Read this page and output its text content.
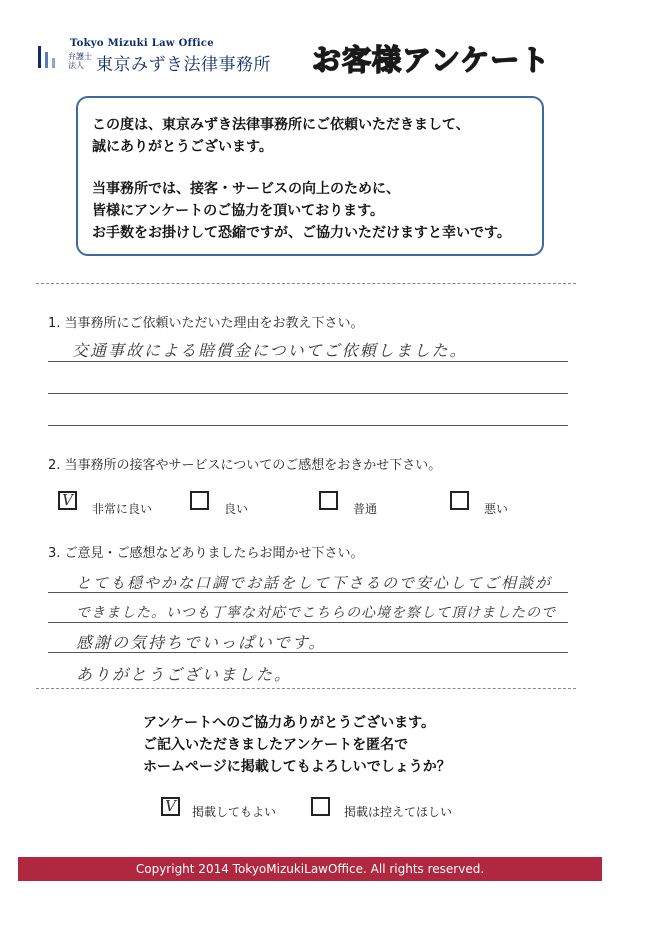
Tokyo Mizuki Law Office
弁護士法人 東京みずき法律事務所 お客様アンケート
この度は、東京みずき法律事務所にご依頼いただきまして、
誠にありがとうございます。
当事務所では、接客・サービスの向上のために、
皆様にアンケートのご協力を頂いております。
お手数をお掛けして恐縮ですが、ご協力いただけますと幸いです。
1. 当事務所にご依頼いただいた理由をお教え下さい。
交通事故による賠償金についてご依頼しました。
2. 当事務所の接客やサービスについてのご感想をおきかせ下さい。
V 非常に良い	良い	普通	悪い
3. ご意見・ご感想などありましたらお聞かせ下さい。
とても穏やかな口調でお話をして下さるので安心してご相談が
できました。いつも丁寧な対応でこちらの心境を察して頂けましたので
感謝の気持ちでいっぱいです。
ありがとうございました。
アンケートへのご協力ありがとうございます。
ご記入いただきましたアンケートを匿名で
ホームページに掲載してもよろしいでしょうか？
V 掲載してもよい	掲載は控えてほしい
Copyright 2014 TokyoMizukiLawOffice. All rights reserved.
